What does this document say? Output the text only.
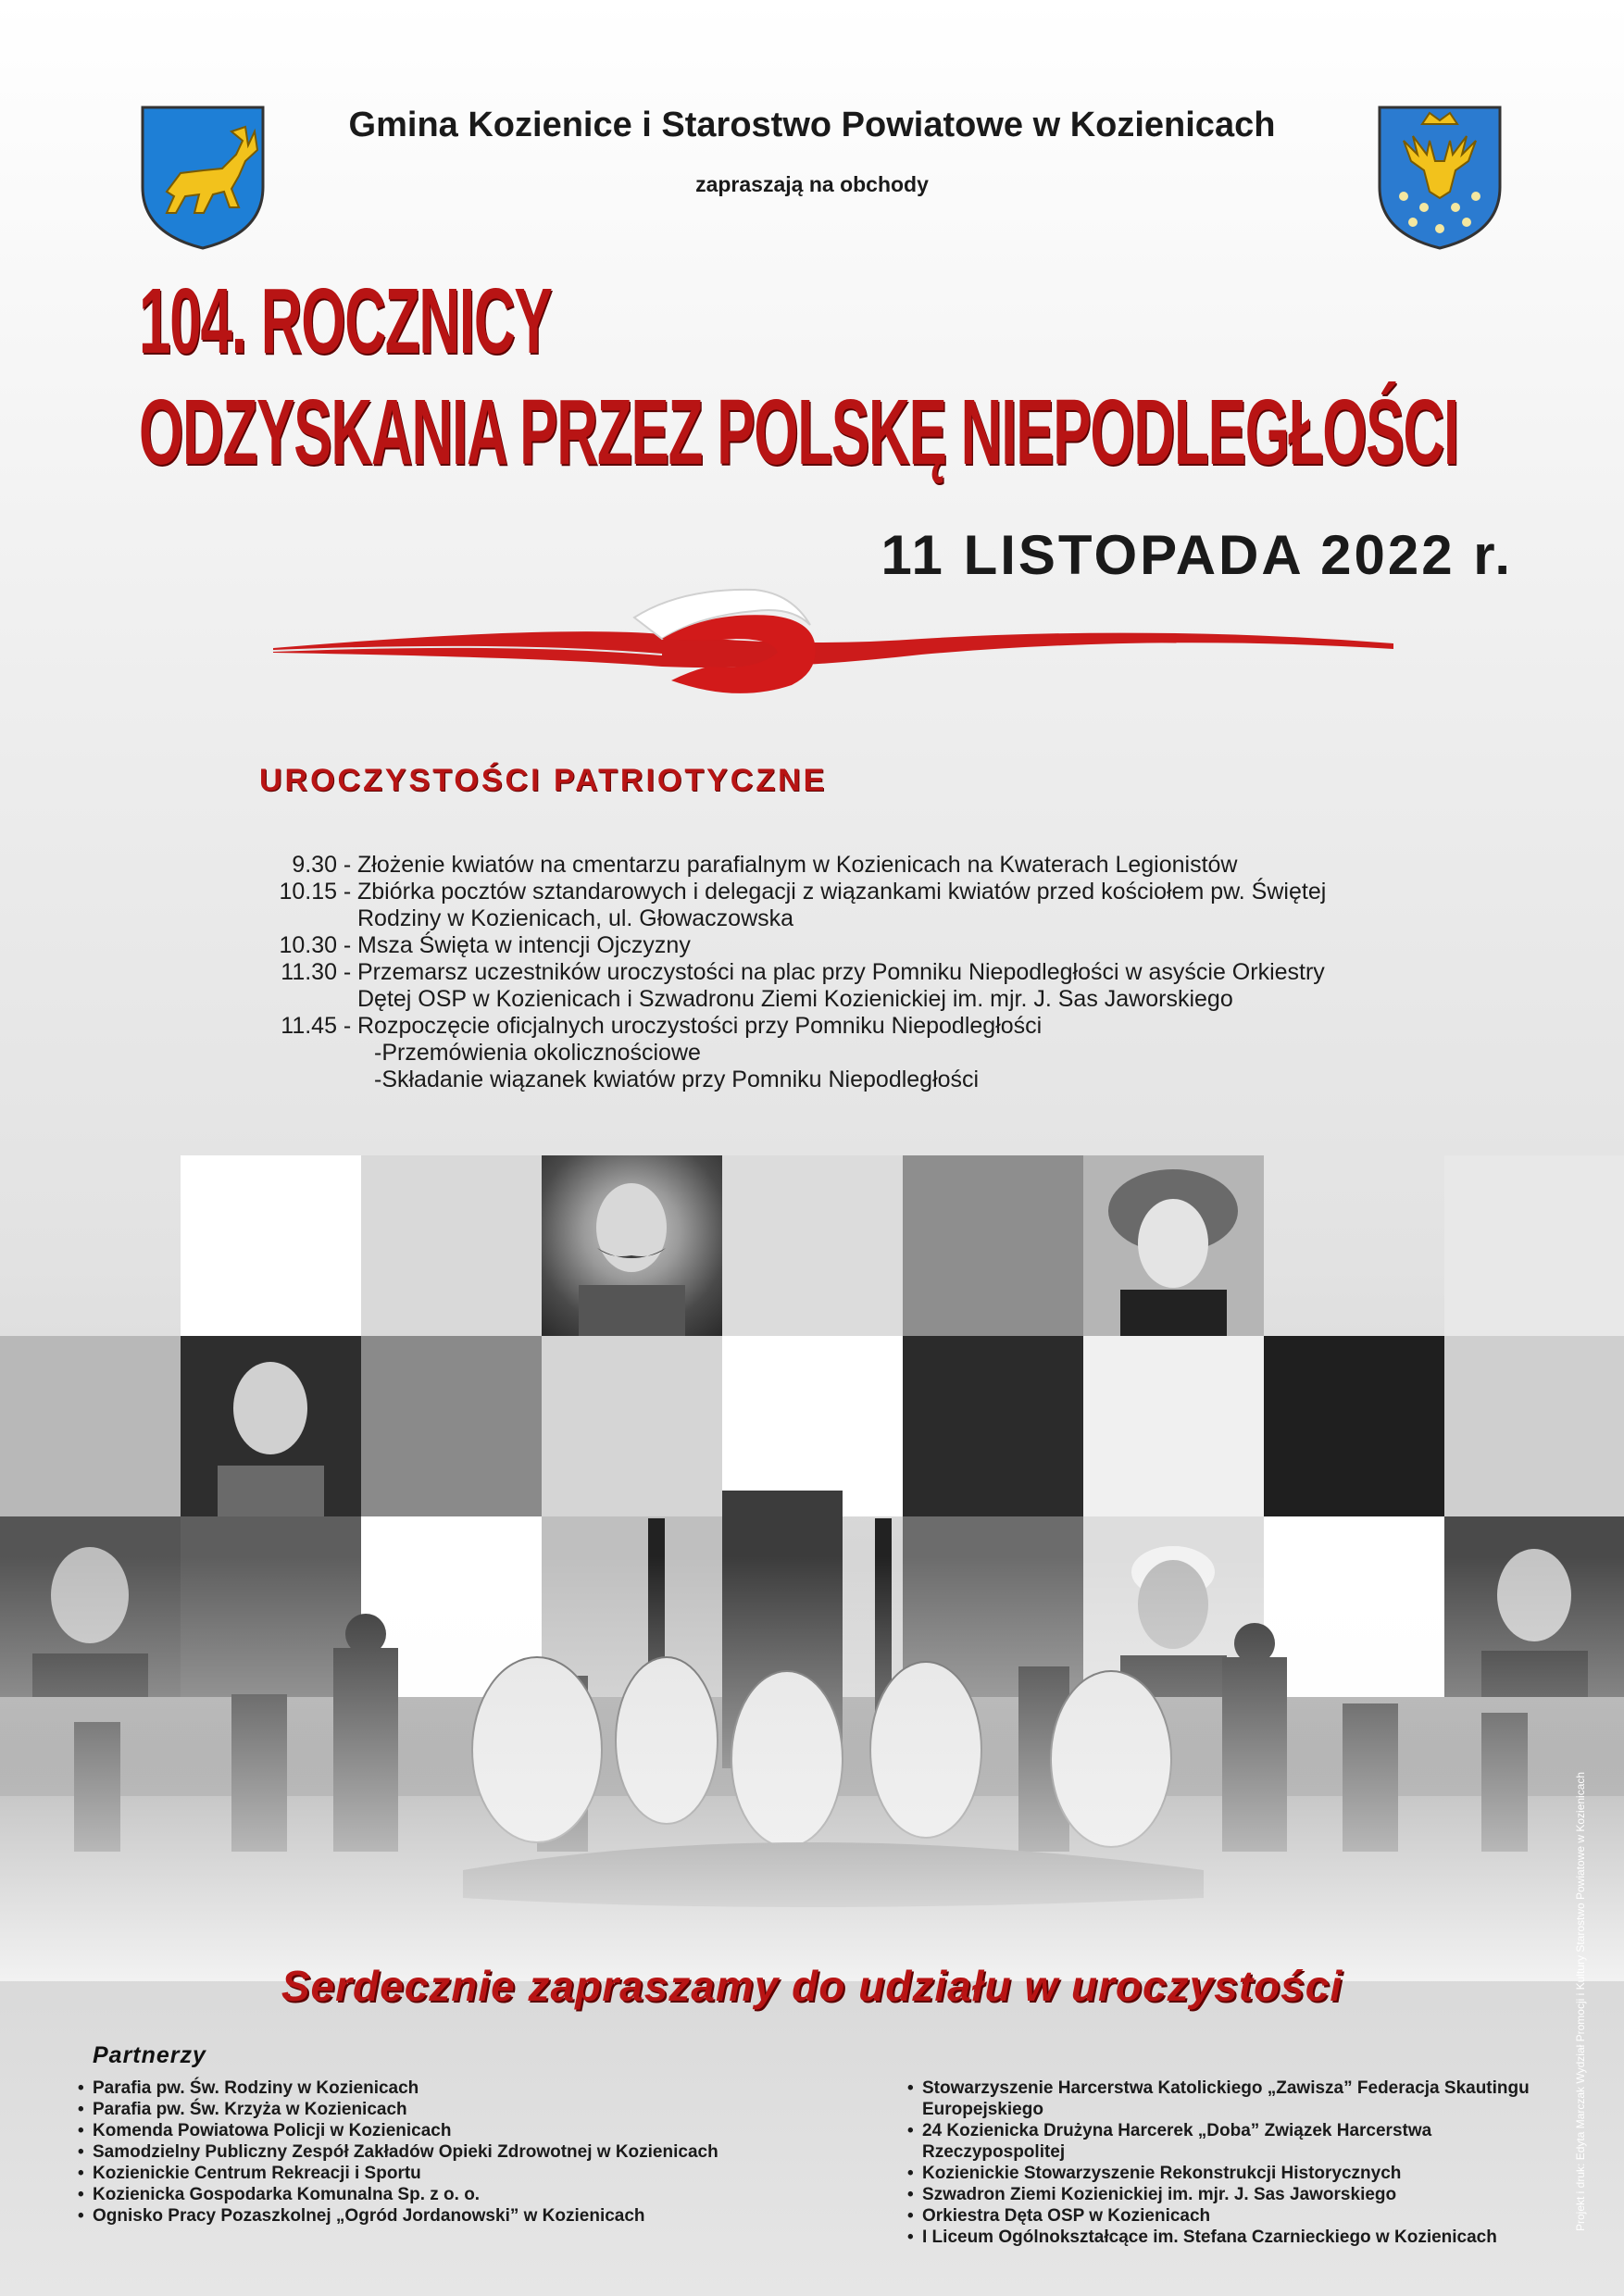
Gmina Kozienice i Starostwo Powiatowe w Kozienicach
zapraszają na obchody
104. ROCZNICY
ODZYSKANIA PRZEZ POLSKĘ NIEPODLEGŁOŚCI
11 LISTOPADA 2022 r.
UROCZYSTOŚCI PATRIOTYCZNE
9.30 - Złożenie kwiatów na cmentarzu parafialnym w Kozienicach na Kwaterach Legionistów
10.15 - Zbiórka pocztów sztandarowych i delegacji z wiązankami kwiatów przed kościołem pw. Świętej
Rodziny w Kozienicach, ul. Głowaczowska
10.30 - Msza Święta w intencji Ojczyzny
11.30 - Przemarsz uczestników uroczystości na plac przy Pomniku Niepodległości w asyście Orkiestry
Dętej OSP w Kozienicach i Szwadronu Ziemi Kozienickiej im. mjr. J. Sas Jaworskiego
11.45 - Rozpoczęcie oficjalnych uroczystości przy Pomniku Niepodległości
-Przemówienia okolicznościowe
-Składanie wiązanek kwiatów przy Pomniku Niepodległości
Serdecznie zapraszamy do udziału w uroczystości
Partnerzy
• Parafia pw. Św. Rodziny w Kozienicach
• Parafia pw. Św. Krzyża w Kozienicach
• Komenda Powiatowa Policji w Kozienicach
• Samodzielny Publiczny Zespół Zakładów Opieki Zdrowotnej w Kozienicach
• Kozienickie Centrum Rekreacji i Sportu
• Kozienicka Gospodarka Komunalna Sp. z o. o.
• Ognisko Pracy Pozaszkolnej „Ogród Jordanowski” w Kozienicach
• Stowarzyszenie Harcerstwa Katolickiego „Zawisza” Federacja Skautingu Europejskiego
• 24 Kozienicka Drużyna Harcerek „Doba” Związek Harcerstwa Rzeczypospolitej
• Kozienickie Stowarzyszenie Rekonstrukcji Historycznych
• Szwadron Ziemi Kozienickiej im. mjr. J. Sas Jaworskiego
• Orkiestra Dęta OSP w Kozienicach
• I Liceum Ogólnokształcące im. Stefana Czarnieckiego w Kozienicach
Projekt i druk: Edyta Marczak Wydział Promocji i Kultury Starostwo Powiatowe w Kozienicach
